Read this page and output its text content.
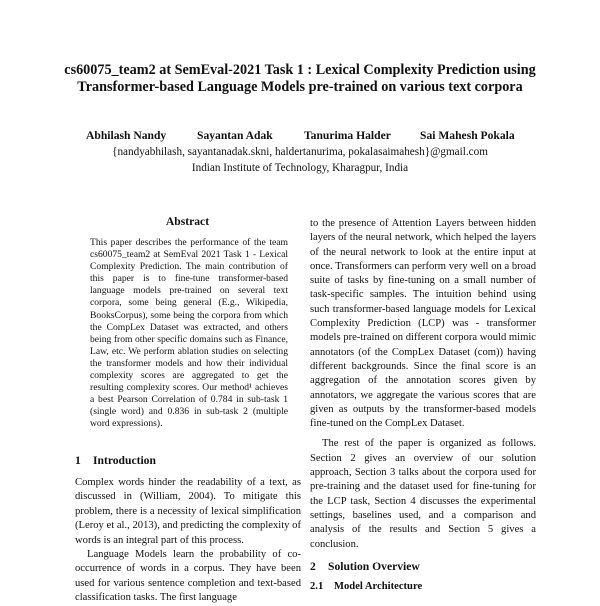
cs60075_team2 at SemEval-2021 Task 1 : Lexical Complexity Prediction using Transformer-based Language Models pre-trained on various text corpora
Abhilash Nandy	Sayantan Adak	Tanurima Halder	Sai Mahesh Pokala
{nandyabhilash, sayantanadak.skni, haldertanurima, pokalasaimahesh}@gmail.com
Indian Institute of Technology, Kharagpur, India
Abstract
This paper describes the performance of the team cs60075_team2 at SemEval 2021 Task 1 - Lexical Complexity Prediction. The main contribution of this paper is to fine-tune transformer-based language models pre-trained on several text corpora, some being general (E.g., Wikipedia, BooksCorpus), some being the corpora from which the CompLex Dataset was extracted, and others being from other specific domains such as Finance, Law, etc. We perform ablation studies on selecting the transformer models and how their individual complexity scores are aggregated to get the resulting complexity scores. Our method¹ achieves a best Pearson Correlation of 0.784 in sub-task 1 (single word) and 0.836 in sub-task 2 (multiple word expressions).
1 Introduction

Complex words hinder the readability of a text, as discussed in (William, 2004). To mitigate this problem, there is a necessity of lexical simplification (Leroy et al., 2013), and predicting the complexity of words is an integral part of this process.

Language Models learn the probability of co-occurrence of words in a corpus. They have been used for various sentence completion and text-based classification tasks. The first language

to the presence of Attention Layers between hidden layers of the neural network, which helped the layers of the neural network to look at the entire input at once. Transformers can perform very well on a broad suite of tasks by fine-tuning on a small number of task-specific samples. The intuition behind using such transformer-based language models for Lexical Complexity Prediction (LCP) was - transformer models pre-trained on different corpora would mimic annotators (of the CompLex Dataset (com)) having different backgrounds. Since the final score is an aggregation of the annotation scores given by annotators, we aggregate the various scores that are given as outputs by the transformer-based models fine-tuned on the CompLex Dataset.

The rest of the paper is organized as follows. Section 2 gives an overview of our solution approach, Section 3 talks about the corpora used for pre-training and the dataset used for fine-tuning for the LCP task, Section 4 discusses the experimental settings, baselines used, and a comparison and analysis of the results and Section 5 gives a conclusion.

2 Solution Overview
2.1 Model Architecture
